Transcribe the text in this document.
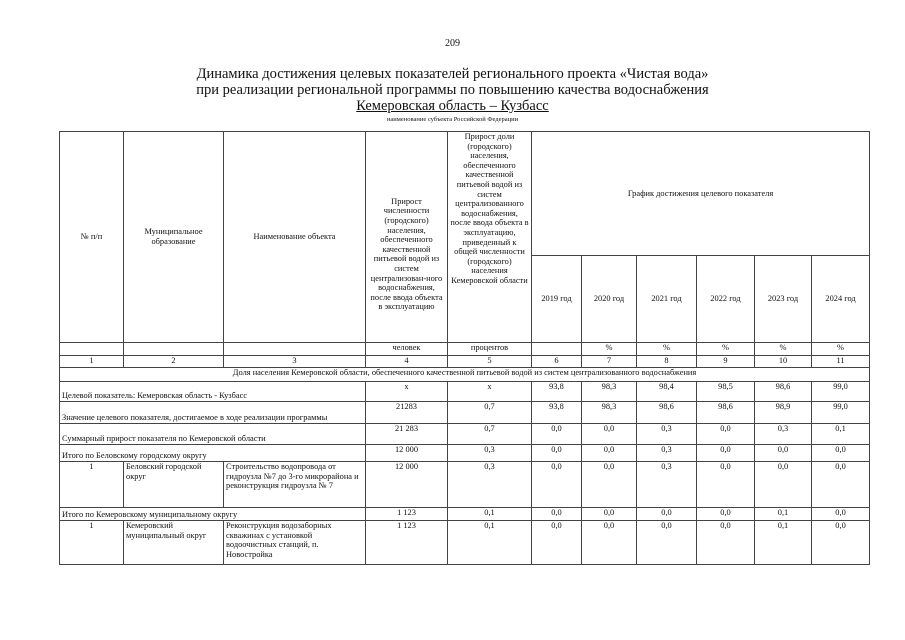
209
Динамика достижения целевых показателей регионального проекта «Чистая вода»
при реализации региональной программы по повышению качества водоснабжения
Кемеровская область – Кузбасс
наименование субъекта Российской Федерации
№ п/п	Муниципальное образование	Наименование объекта	Прирост численности (городского) населения, обеспеченного качественной питьевой водой из систем централизован-ного водоснабжения, после ввода объекта в эксплуатацию	Прирост доли (городского) населения, обеспеченного качественной питьевой водой из систем централизованного водоснабжения, после ввода объекта в эксплуатацию, приведенный к общей численности (городского) населения Кемеровской области	График достижения целевого показателя					
					2019 год	2020 год	2021 год	2022 год	2023 год	2024 год
			человек	процентов		%	%	%	%	%
1	2	3	4	5	6	7	8	9	10	11
Доля населения Кемеровской области, обеспеченного качественной питьевой водой из систем централизованного водоснабжения										
Целевой показатель: Кемеровская область - Кузбасс			х	х	93,8	98,3	98,4	98,5	98,6	99,0
Значение целевого показателя, достигаемое в ходе реализации программы			21283	0,7	93,8	98,3	98,6	98,6	98,9	99,0
Суммарный прирост показателя по Кемеровской области			21 283	0,7	0,0	0,0	0,3	0,0	0,3	0,1
Итого по Беловскому городскому округу			12 000	0,3	0,0	0,0	0,3	0,0	0,0	0,0
1	Беловский городской округ	Строительство водопровода от гидроузла №7 до 3-го микрорайона и реконструкция гидроузла № 7	12 000	0,3	0,0	0,0	0,3	0,0	0,0	0,0
Итого по Кемеровскому муниципальному округу			1 123	0,1	0,0	0,0	0,0	0,0	0,1	0,0
1	Кемеровский муниципальный округ	Реконструкция водозаборных скважинах с установкой водоочистных станций, п. Новостройка	1 123	0,1	0,0	0,0	0,0	0,0	0,1	0,0
